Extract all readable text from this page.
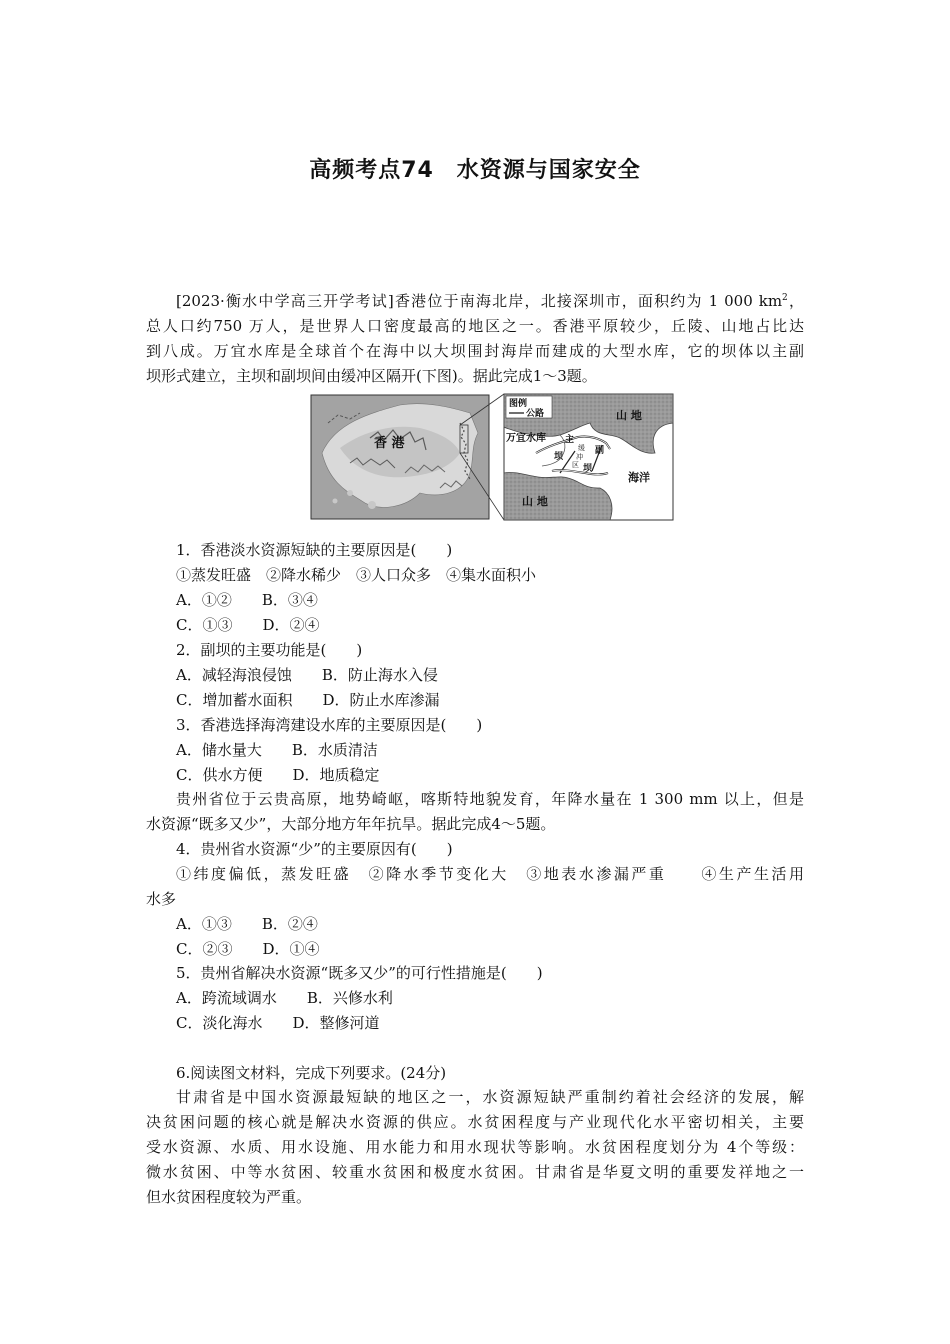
高频考点74　水资源与国家安全
[2023·衡水中学高三开学考试]香港位于南海北岸，北接深圳市，面积约为 1 000 $km^2$，
总人口约750 万人，是世界人口密度最高的地区之一。香港平原较少，丘陵、山地占比达
到八成。万宜水库是全球首个在海中以大坝围封海岸而建成的大型水库，它的坝体以主副
坝形式建立，主坝和副坝间由缓冲区隔开(下图)。据此完成1～3题。
香 港
图例
公路	山 地
万宜水库 主
坝
缓
冲
区
副
坝
海洋
山 地
1．香港淡水资源短缺的主要原因是(　　)
①蒸发旺盛　②降水稀少　③人口众多　④集水面积小
A．①②　　B．③④
C．①③　　D．②④
2．副坝的主要功能是(　　)
A．减轻海浪侵蚀　　B．防止海水入侵
C．增加蓄水面积　　D．防止水库渗漏
3．香港选择海湾建设水库的主要原因是(　　)
A．储水量大　　B．水质清洁
C．供水方便　　D．地质稳定
贵州省位于云贵高原，地势崎岖，喀斯特地貌发育，年降水量在 1 300 mm 以上，但是
水资源“既多又少”，大部分地方年年抗旱。据此完成4～5题。
4．贵州省水资源“少”的主要原因有(　　)
①纬度偏低，蒸发旺盛　②降水季节变化大　③地表水渗漏严重　　④生产生活用
水多
A．①③　　B．②④
C．②③　　D．①④
5．贵州省解决水资源“既多又少”的可行性措施是(　　)
A．跨流域调水　　B．兴修水利
C．淡化海水　　D．整修河道
6.阅读图文材料，完成下列要求。(24分)
甘肃省是中国水资源最短缺的地区之一，水资源短缺严重制约着社会经济的发展，解
决贫困问题的核心就是解决水资源的供应。水贫困程度与产业现代化水平密切相关，主要
受水资源、水质、用水设施、用水能力和用水现状等影响。水贫困程度划分为 4个等级：
微水贫困、中等水贫困、较重水贫困和极度水贫困。甘肃省是华夏文明的重要发祥地之一
但水贫困程度较为严重。
